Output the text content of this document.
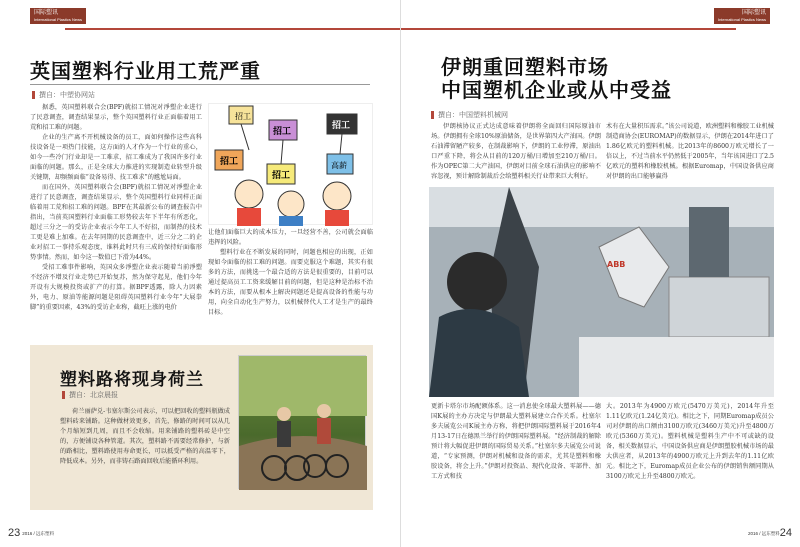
国际塑讯
International Plastics News
英国塑料行业用工荒严重
撰自：中塑协网站

据悉，英国塑料联合会(BPF)就招工情况对淨塑企业进行了民意调查，调查结果显示，整个英国塑料行业正面临着用工荒和招工难的问题。

企业的生产离不开机械设备的员工，面如何操作这些高科技设备是一项热门技能，这方面的人才作为一个行业的重心，如今一些冷门行业却是一工难求，招工难成为了我国许多行业面临的问题。那么，正是全球大力推进的实现制造业转型升级关键期，却频频面临“设备易得、技工难求”的尴尬局面。

而在国外，英国塑料联合会(BPF)就招工情况对淨塑企业进行了民意调查，调查结果显示，整个英国塑料行业同样正面临着用工荒和招工难的问题。BPF在其最新公布的调查报告中指出，当前英国塑料行业面临工形势较去年下半年有所恶化，超过三分之一的受访企业表示今年工人不好招，而制热的技术工更是难上加难。在去年同期的民意调查中，近三分之二的企业对招工一事持乐观态度，谁料此时只有三成的保持好面临形势事情。然而，如今这一数值已下滑为44%。

受招工难事件影响，英国众多淨塑企业表示随着当前淨塑不经济不增及行业走势已开始复苏，然为保守起见，他们今年开设有大规模投资或扩产的打算。据BPF透露，除人力因素外，电力、原油等能源问题是阻碍英国塑料行业今年“大展拳脚”的重要因素，43%的受访企业称，截旺上涨的电价

招工
招工
招工
招工
招工
高薪

让他们面临巨大的成本压力，一旦经营不善，公司就会面临违挥的风险。

塑料行业在不断发展的同时，问题也相应的出现，正如现如今面临的招工难的问题。而要克服这个难题，其实有很多的方法，而挑选一个最合适的方法是很重要的，目前可以通过提高员工工资来缓解目前的问题，但是这种是治标不治本的方法，而要从根本上解决问题还是提高设备的性能与功用，向全自动化生产努力，以机械替代人工才是生产的最终目标。

塑料路将现身荷兰
撰自：北京晨报

荷兰丽萨兑-韦塞尔斯公司表示，可以把回收的塑料瓶做成塑料砖来铺路。这种做材效更多，首先，修路的时间可以从几个月缩短到几周，而且不会收缩。用来铺路的塑料砖是中空的，方便铺设各种管道。其次，塑料路不需要经常修护，与新的路相比，塑料路使用寿命更长，可以抵受严格的高温零下，降低成本。另外，而非铸石路面回收后能循环利用。

23 2016 / 远东塑料
国际塑讯
International Plastics News
伊朗重回塑料市场
中国塑机企业或从中受益
撰自：中国塑料机械网

伊朗核协议正式达成意味着伊朗将全面回归国际原油市场。伊朗拥有全球10%原油储备，是世界第四大产油国。伊朗石油滞留陋产较多，在制裁影响下，伊朗的工业停滞，原油出口严重下降，将会从目前的120万桶/日增加至210万桶/日。作为OPEC第二大产油国，伊朗对目前全球石油供应的影响不容忽视，预计解除制裁后会给塑料相关行业带来巨大利好。

术有在大量积压需求。”该公司说道，欧洲塑料和橡胶工业机械制造商协会(EUROMAP)的数据显示，伊朗在2014年进口了1.86亿欧元的塑料机械。比2013年的8600万欧元增长了一倍以上，不过当前水平仍然低于2005年，当年该国进口了2.5亿欧元的塑料和橡胶机械。根据Euromap，中国设备供应商对伊朗的出口能够赢得

ABB

更新卡塔尔市场配额体系。这一消息使全球最大塑料展——德国K展的主办方决定与伊朗最大塑料展建立合作关系。杜塞尔多夫展览公司K展主办方称，将把伊朗国际塑料展于2016年4月13-17日在德黑兰举行的伊朗国际塑料展。“经济制裁的解除预计将大幅促进伊朗的国际贸易关系。”杜塞尔多夫展览公司说道，“专家预测，伊朗对机械和设备的需求，尤其是塑料和橡胶设备，将会上升。”伊朗对投资品、现代化设备、零部件、加工方式和技

大。2013年为4900万欧元(5470万美元)，2014年升至1.11亿欧元(1.24亿美元)。相比之下，同期Euromap成员公司对伊朗的出口额由3100万欧元(3460万美元)升至4800万欧元(5360万美元)。塑料机械是塑料生产中不可或缺的设备，相关数据显示，中国设备供应商是伊朗塑胶机械市场的最大供应者，从2013年的4900万欧元上升到去年的1.11亿欧元。相比之下，Euromap成员企业公布的伊朗销售额同期从3100万欧元上升至4800万欧元。

2016 / 远东塑料24
